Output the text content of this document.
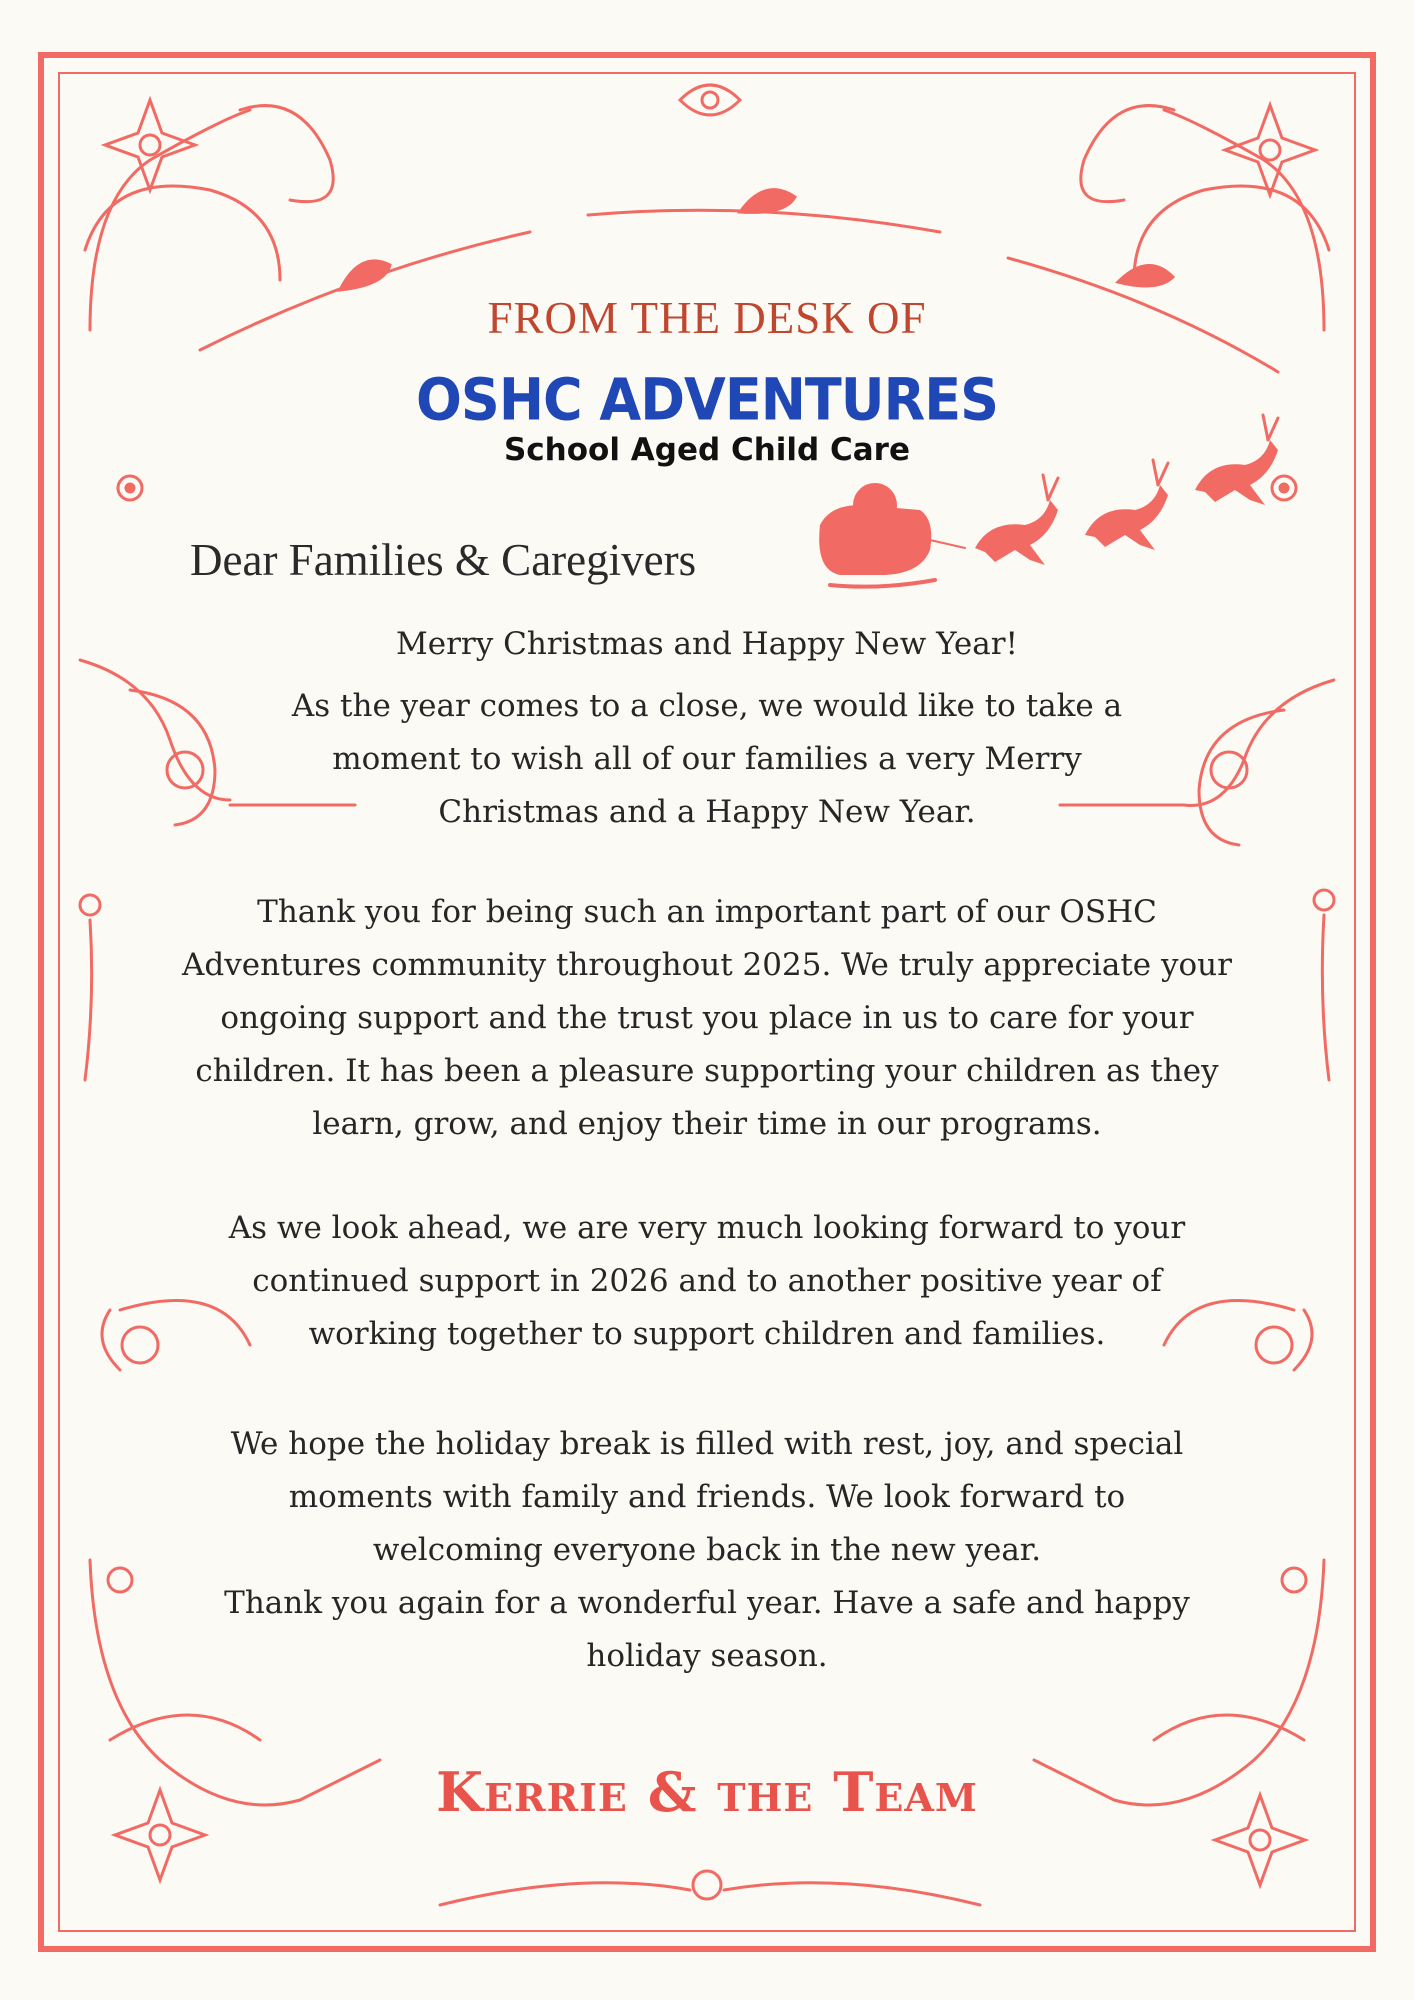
FROM THE DESK OF
OSHC ADVENTURES
School Aged Child Care
Dear Families & Caregivers
Merry Christmas and Happy New Year!
As the year comes to a close, we would like to take a moment to wish all of our families a very Merry Christmas and a Happy New Year.
Thank you for being such an important part of our OSHC Adventures community throughout 2025. We truly appreciate your ongoing support and the trust you place in us to care for your children. It has been a pleasure supporting your children as they learn, grow, and enjoy their time in our programs.
As we look ahead, we are very much looking forward to your continued support in 2026 and to another positive year of working together to support children and families.
We hope the holiday break is filled with rest, joy, and special moments with family and friends. We look forward to welcoming everyone back in the new year.
Thank you again for a wonderful year. Have a safe and happy holiday season.
Kerrie & the Team
